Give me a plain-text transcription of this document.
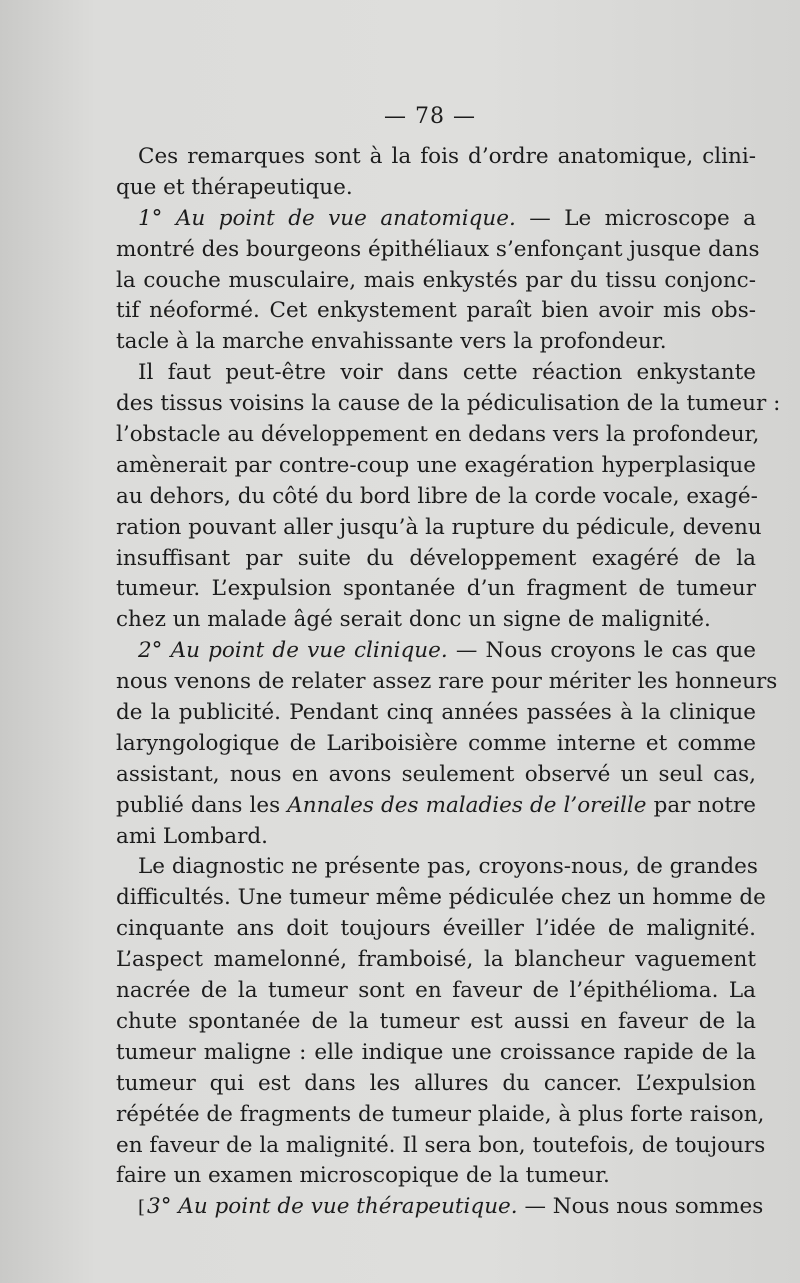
— 78 —
Ces remarques sont à la fois d’ordre anatomique, clini-
que et thérapeutique.
1° Au point de vue anatomique. — Le microscope a
montré des bourgeons épithéliaux s’enfonçant jusque dans
la couche musculaire, mais enkystés par du tissu conjonc-
tif néoformé. Cet enkystement paraît bien avoir mis obs-
tacle à la marche envahissante vers la profondeur.
Il faut peut-être voir dans cette réaction enkystante
des tissus voisins la cause de la pédiculisation de la tumeur :
l’obstacle au développement en dedans vers la profondeur,
amènerait par contre-coup une exagération hyperplasique
au dehors, du côté du bord libre de la corde vocale, exagé-
ration pouvant aller jusqu’à la rupture du pédicule, devenu
insuffisant par suite du développement exagéré de la
tumeur. L’expulsion spontanée d’un fragment de tumeur
chez un malade âgé serait donc un signe de malignité.
2° Au point de vue clinique. — Nous croyons le cas que
nous venons de relater assez rare pour mériter les honneurs
de la publicité. Pendant cinq années passées à la clinique
laryngologique de Lariboisière comme interne et comme
assistant, nous en avons seulement observé un seul cas,
publié dans les Annales des maladies de l’oreille par notre
ami Lombard.
Le diagnostic ne présente pas, croyons-nous, de grandes
difficultés. Une tumeur même pédiculée chez un homme de
cinquante ans doit toujours éveiller l’idée de malignité.
L’aspect mamelonné, framboisé, la blancheur vaguement
nacrée de la tumeur sont en faveur de l’épithélioma. La
chute spontanée de la tumeur est aussi en faveur de la
tumeur maligne : elle indique une croissance rapide de la
tumeur qui est dans les allures du cancer. L’expulsion
répétée de fragments de tumeur plaide, à plus forte raison,
en faveur de la malignité. Il sera bon, toutefois, de toujours
faire un examen microscopique de la tumeur.
[3° Au point de vue thérapeutique. — Nous nous sommes
